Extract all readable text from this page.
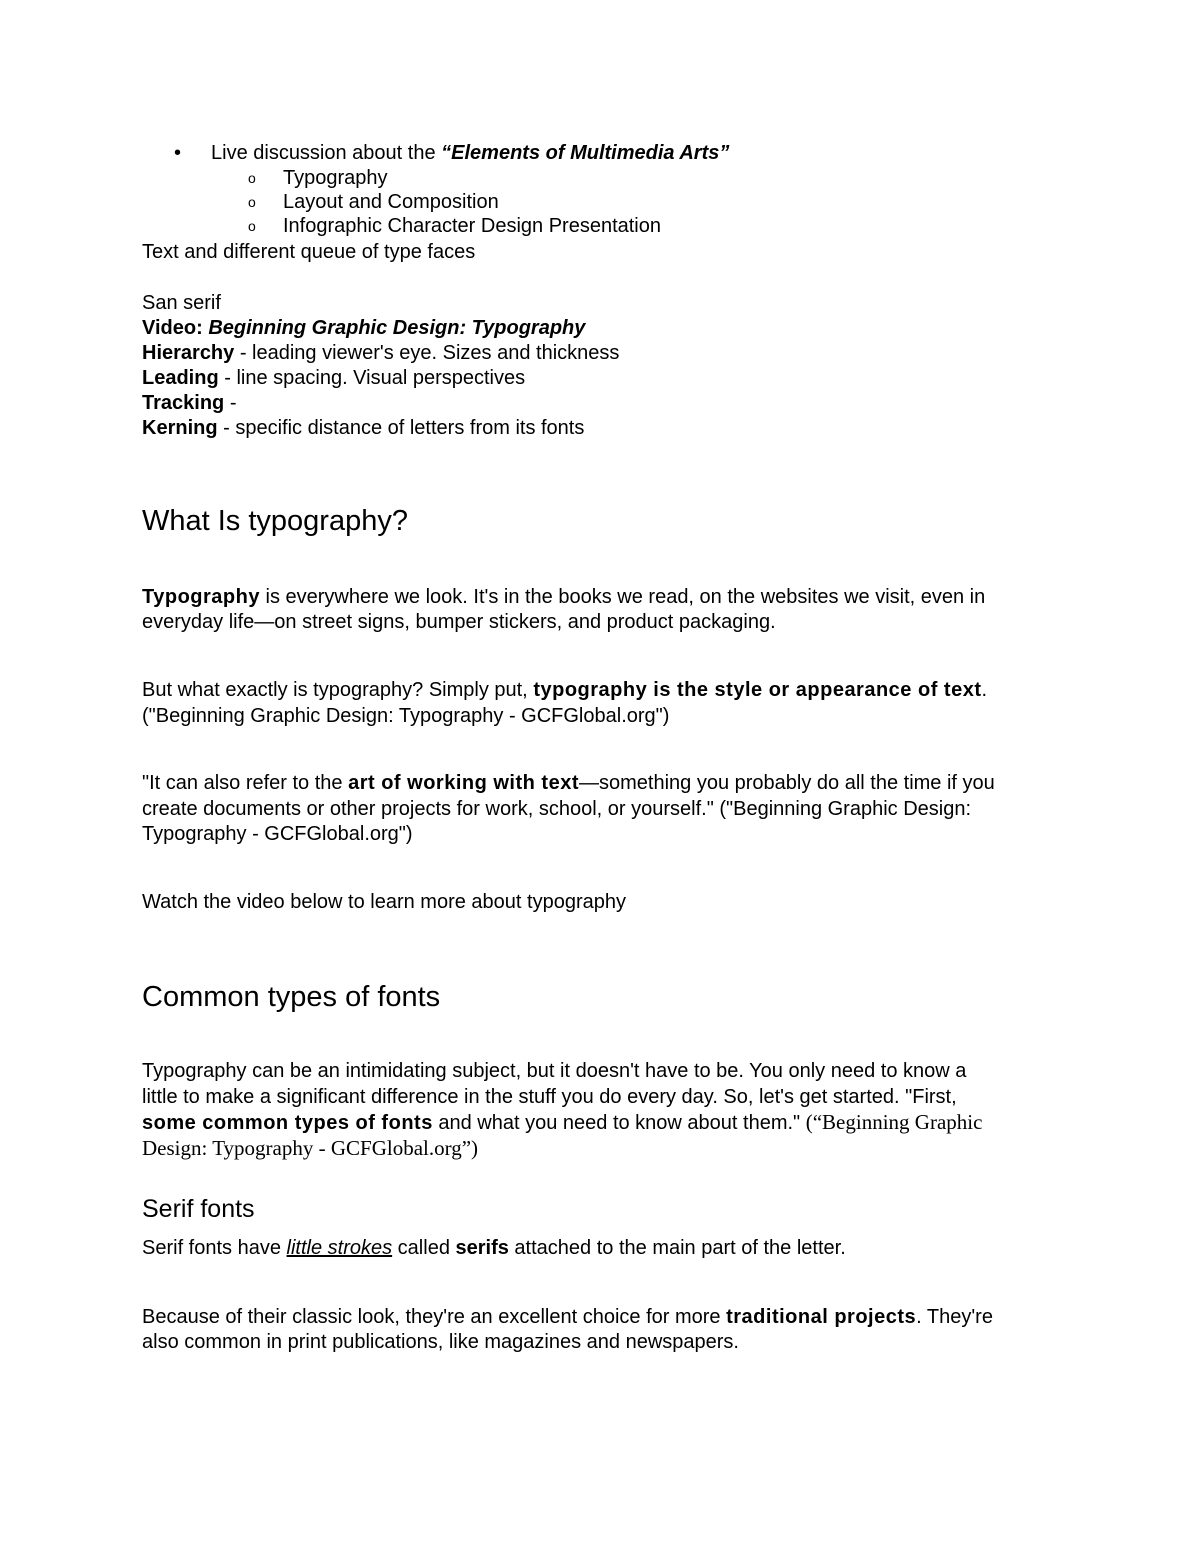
• Live discussion about the “Elements of Multimedia Arts”
o Typography
o Layout and Composition
o Infographic Character Design Presentation
Text and different queue of type faces
San serif
Video: Beginning Graphic Design: Typography
Hierarchy - leading viewer's eye. Sizes and thickness
Leading - line spacing. Visual perspectives
Tracking -
Kerning - specific distance of letters from its fonts
What Is typography?
Typography is everywhere we look. It's in the books we read, on the websites we visit, even in
everyday life—on street signs, bumper stickers, and product packaging.
But what exactly is typography? Simply put, typography is the style or appearance of text.
("Beginning Graphic Design: Typography - GCFGlobal.org")
"It can also refer to the art of working with text—something you probably do all the time if you
create documents or other projects for work, school, or yourself." ("Beginning Graphic Design:
Typography - GCFGlobal.org")
Watch the video below to learn more about typography
Common types of fonts
Typography can be an intimidating subject, but it doesn't have to be. You only need to know a
little to make a significant difference in the stuff you do every day. So, let's get started. "First,
some common types of fonts and what you need to know about them." (“Beginning Graphic
Design: Typography - GCFGlobal.org”)
Serif fonts
Serif fonts have little strokes called serifs attached to the main part of the letter.
Because of their classic look, they're an excellent choice for more traditional projects. They're
also common in print publications, like magazines and newspapers.
